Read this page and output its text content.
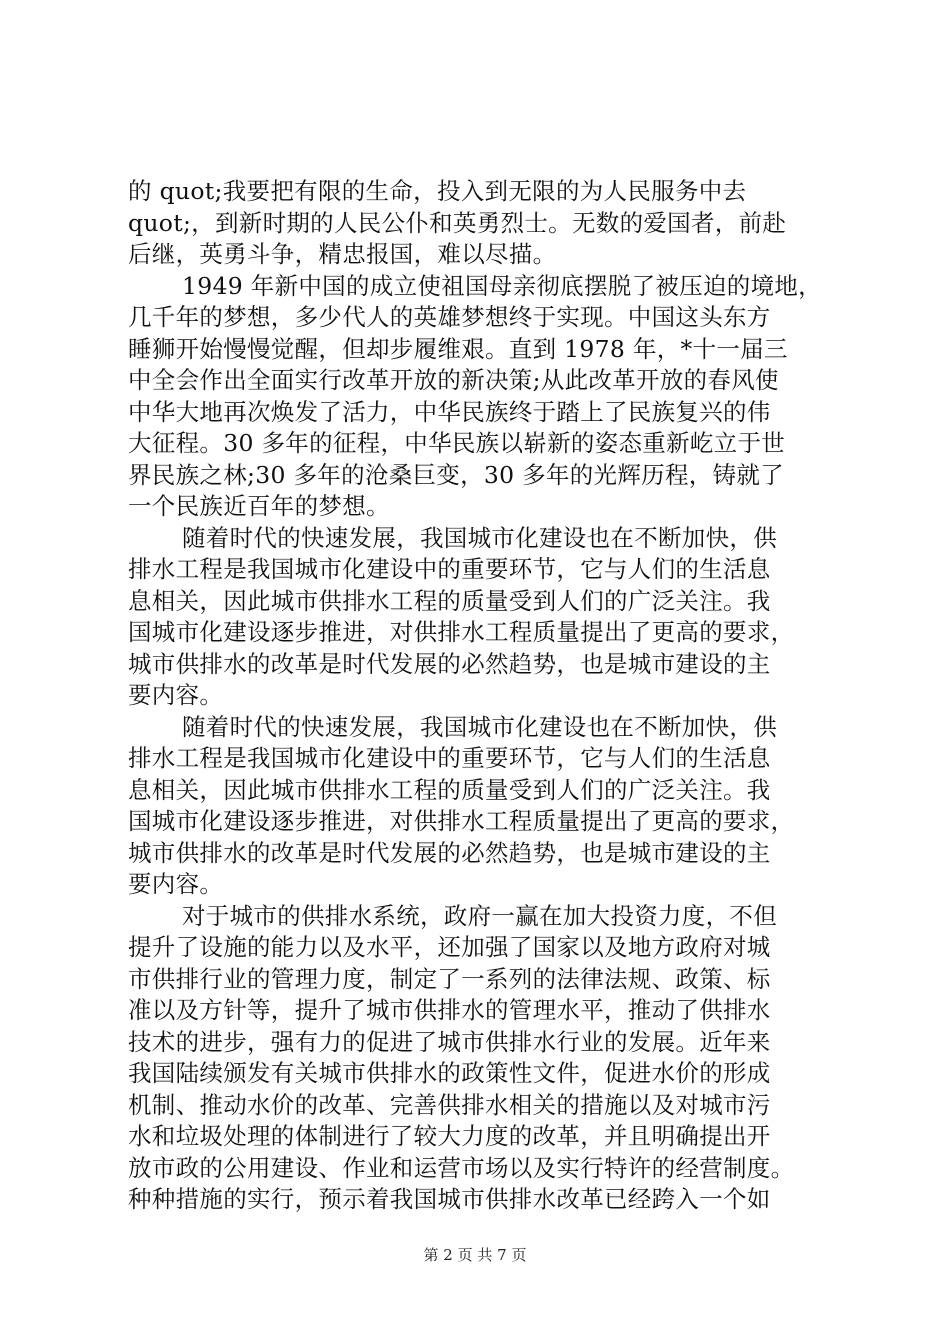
的 quot;我要把有限的生命，投入到无限的为人民服务中去
quot;，到新时期的人民公仆和英勇烈士。无数的爱国者，前赴
后继，英勇斗争，精忠报国，难以尽描。
1949 年新中国的成立使祖国母亲彻底摆脱了被压迫的境地，
几千年的梦想，多少代人的英雄梦想终于实现。中国这头东方
睡狮开始慢慢觉醒，但却步履维艰。直到 1978 年，*十一届三
中全会作出全面实行改革开放的新决策;从此改革开放的春风使
中华大地再次焕发了活力，中华民族终于踏上了民族复兴的伟
大征程。30 多年的征程，中华民族以崭新的姿态重新屹立于世
界民族之林;30 多年的沧桑巨变，30 多年的光辉历程，铸就了
一个民族近百年的梦想。
随着时代的快速发展，我国城市化建设也在不断加快，供
排水工程是我国城市化建设中的重要环节，它与人们的生活息
息相关，因此城市供排水工程的质量受到人们的广泛关注。我
国城市化建设逐步推进，对供排水工程质量提出了更高的要求，
城市供排水的改革是时代发展的必然趋势，也是城市建设的主
要内容。
随着时代的快速发展，我国城市化建设也在不断加快，供
排水工程是我国城市化建设中的重要环节，它与人们的生活息
息相关，因此城市供排水工程的质量受到人们的广泛关注。我
国城市化建设逐步推进，对供排水工程质量提出了更高的要求，
城市供排水的改革是时代发展的必然趋势，也是城市建设的主
要内容。
对于城市的供排水系统，政府一赢在加大投资力度，不但
提升了设施的能力以及水平，还加强了国家以及地方政府对城
市供排行业的管理力度，制定了一系列的法律法规、政策、标
准以及方针等，提升了城市供排水的管理水平，推动了供排水
技术的进步，强有力的促进了城市供排水行业的发展。近年来
我国陆续颁发有关城市供排水的政策性文件，促进水价的形成
机制、推动水价的改革、完善供排水相关的措施以及对城市污
水和垃圾处理的体制进行了较大力度的改革，并且明确提出开
放市政的公用建设、作业和运营市场以及实行特许的经营制度。
种种措施的实行，预示着我国城市供排水改革已经跨入一个如
第 2 页 共 7 页
